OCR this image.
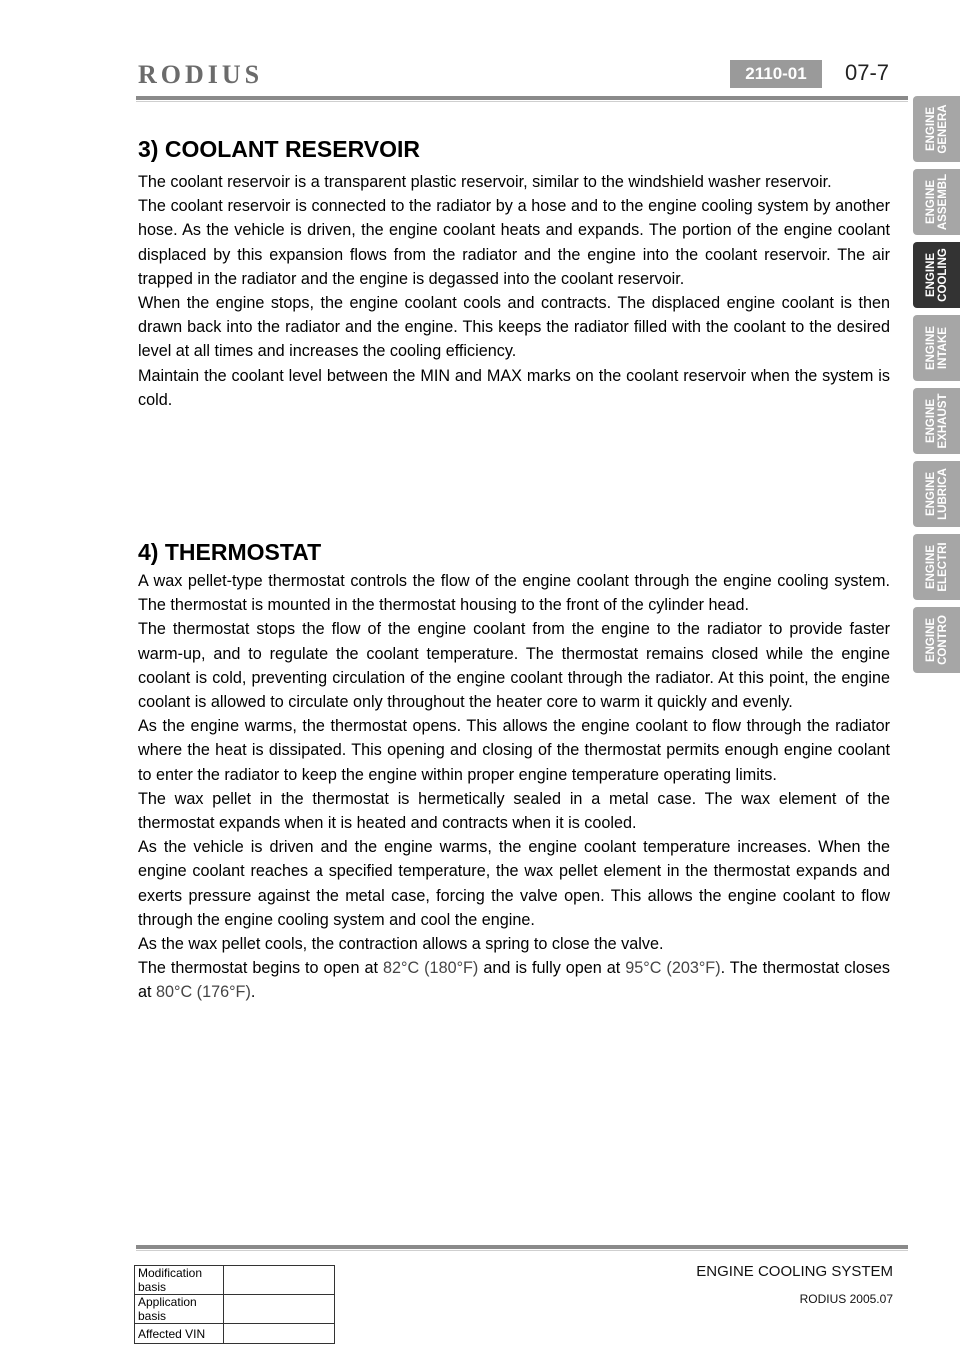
RODIUS	2110-01	07-7
3) COOLANT RESERVOIR

The coolant reservoir is a transparent plastic reservoir, similar to the windshield washer reservoir.

The coolant reservoir is connected to the radiator by a hose and to the engine cooling system by another hose. As the vehicle is driven, the engine coolant heats and expands. The portion of the engine coolant displaced by this expansion flows from the radiator and the engine into the coolant reservoir. The air trapped in the radiator and the engine is degassed into the coolant reservoir.

When the engine stops, the engine coolant cools and contracts. The displaced engine coolant is then drawn back into the radiator and the engine. This keeps the radiator filled with the coolant to the desired level at all times and increases the cooling efficiency.

Maintain the coolant level between the MIN and MAX marks on the coolant reservoir when the system is cold.

4) THERMOSTAT

A wax pellet-type thermostat controls the flow of the engine coolant through the engine cooling system. The thermostat is mounted in the thermostat housing to the front of the cylinder head.

The thermostat stops the flow of the engine coolant from the engine to the radiator to provide faster warm-up, and to regulate the coolant temperature. The thermostat remains closed while the engine coolant is cold, preventing circulation of the engine coolant through the radiator. At this point, the engine coolant is allowed to circulate only throughout the heater core to warm it quickly and evenly.

As the engine warms, the thermostat opens. This allows the engine coolant to flow through the radiator where the heat is dissipated. This opening and closing of the thermostat permits enough engine coolant to enter the radiator to keep the engine within proper engine temperature operating limits.

The wax pellet in the thermostat is hermetically sealed in a metal case. The wax element of the thermostat expands when it is heated and contracts when it is cooled.

As the vehicle is driven and the engine warms, the engine coolant temperature increases. When the engine coolant reaches a specified temperature, the wax pellet element in the thermostat expands and exerts pressure against the metal case, forcing the valve open. This allows the engine coolant to flow through the engine cooling system and cool the engine.

As the wax pellet cools, the contraction allows a spring to close the valve.

The thermostat begins to open at 82°C (180°F) and is fully open at 95°C (203°F). The thermostat closes at 80°C (176°F).

ENGINE GENERA
ENGINE ASSEMBL
ENGINE COOLING
ENGINE INTAKE
ENGINE EXHAUST
ENGINE LUBRICA
ENGINE ELECTRI
ENGINE CONTRO
Modification basis	
Application basis	
Affected VIN	
ENGINE COOLING SYSTEM
RODIUS 2005.07
